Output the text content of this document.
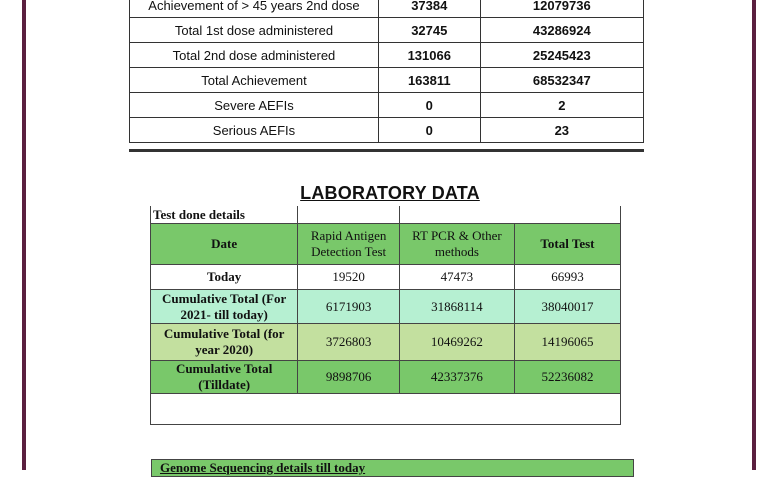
Achievement of > 45 years 2nd dose	37384	12079736
Total 1st dose administered	32745	43286924
Total 2nd dose administered	131066	25245423
Total Achievement	163811	68532347
Severe AEFIs	0	2
Serious AEFIs	0	23
LABORATORY DATA
Test done details			
Date	Rapid Antigen Detection Test	RT PCR & Other methods	Total Test
Today	19520	47473	66993
Cumulative Total (For 2021- till today)	6171903	31868114	38040017
Cumulative Total (for year 2020)	3726803	10469262	14196065
Cumulative Total (Tilldate)	9898706	42337376	52236082

Genome Sequencing details till today
